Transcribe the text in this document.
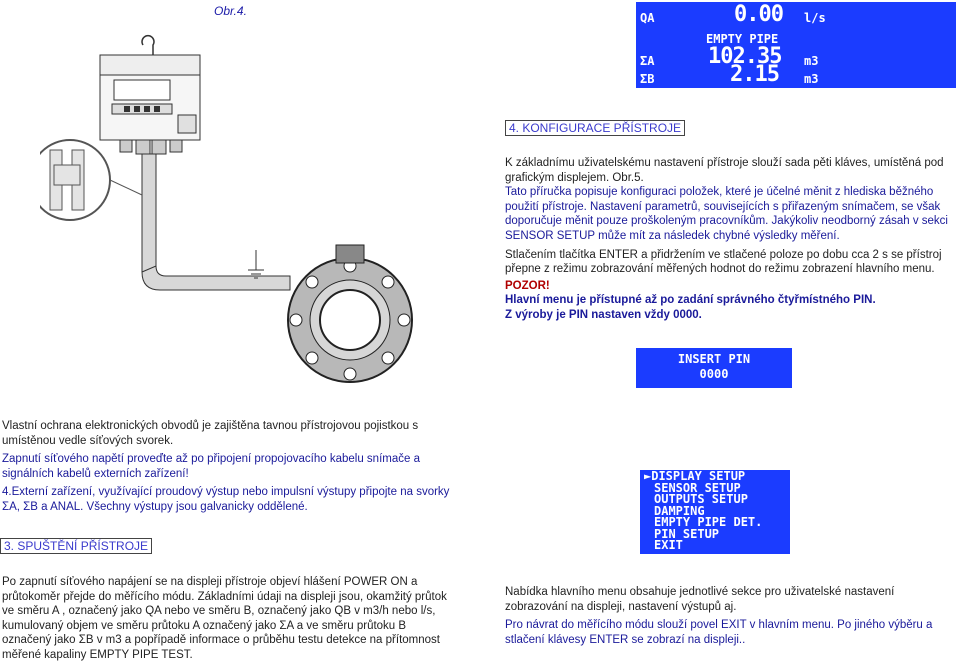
Obr.4.	QA	0.00 l/s
EMPTY PIPE
ΣA 102.35 m3
ΣB	2.15 m3
4. KONFIGURACE PŘÍSTROJE
K základnímu uživatelskému nastavení přístroje slouží sada pěti kláves, umístěná pod grafickým displejem. Obr.5.
Tato příručka popisuje konfiguraci položek, které je účelné měnit z hlediska běžného použití přístroje. Nastavení parametrů, souvisejících s přiřazeným snímačem, se však doporučuje měnit pouze proškoleným pracovníkům. Jakýkoliv neodborný zásah v sekci SENSOR SETUP může mít za následek chybné výsledky měření.
Stlačením tlačítka ENTER a přidržením ve stlačené poloze po dobu cca 2 s se přístroj přepne z režimu zobrazování měřených hodnot do režimu zobrazení hlavního menu.
POZOR!
Hlavní menu je přístupné až po zadání správného čtyřmístného PIN.
Z výroby je PIN nastaven vždy 0000.
INSERT PIN
0000
►DISPLAY SETUP
SENSOR SETUP
OUTPUTS SETUP
DAMPING
EMPTY PIPE DET.
PIN SETUP
EXIT
Vlastní ochrana elektronických obvodů je zajištěna tavnou přístrojovou pojistkou s umístěnou vedle síťových svorek.
Zapnutí síťového napětí proveďte až po připojení propojovacího kabelu snímače a signálních kabelů externích zařízení!
4.Externí zařízení, využívající proudový výstup nebo impulsní výstupy připojte na svorky ΣA, ΣB a ANAL. Všechny výstupy jsou galvanicky oddělené.
3. SPUŠTĚNÍ PŘÍSTROJE
Po zapnutí síťového napájení se na displeji přístroje objeví hlášení POWER ON a průtokoměr přejde do měřícího módu. Základními údaji na displeji jsou, okamžitý průtok ve směru A , označený jako QA nebo ve směru B, označený jako QB v m3/h nebo l/s, kumulovaný objem ve směru průtoku A označený jako ΣA a ve směru průtoku B označený jako ΣB v m3 a popřípadě informace o průběhu testu detekce na přítomnost měřené kapaliny EMPTY PIPE TEST.
Nabídka hlavního menu obsahuje jednotlivé sekce pro uživatelské nastavení zobrazování na displeji, nastavení výstupů aj.
Pro návrat do měřícího módu slouží povel EXIT v hlavním menu. Po jiného výběru a stlačení klávesy ENTER se zobrazí na displeji..
